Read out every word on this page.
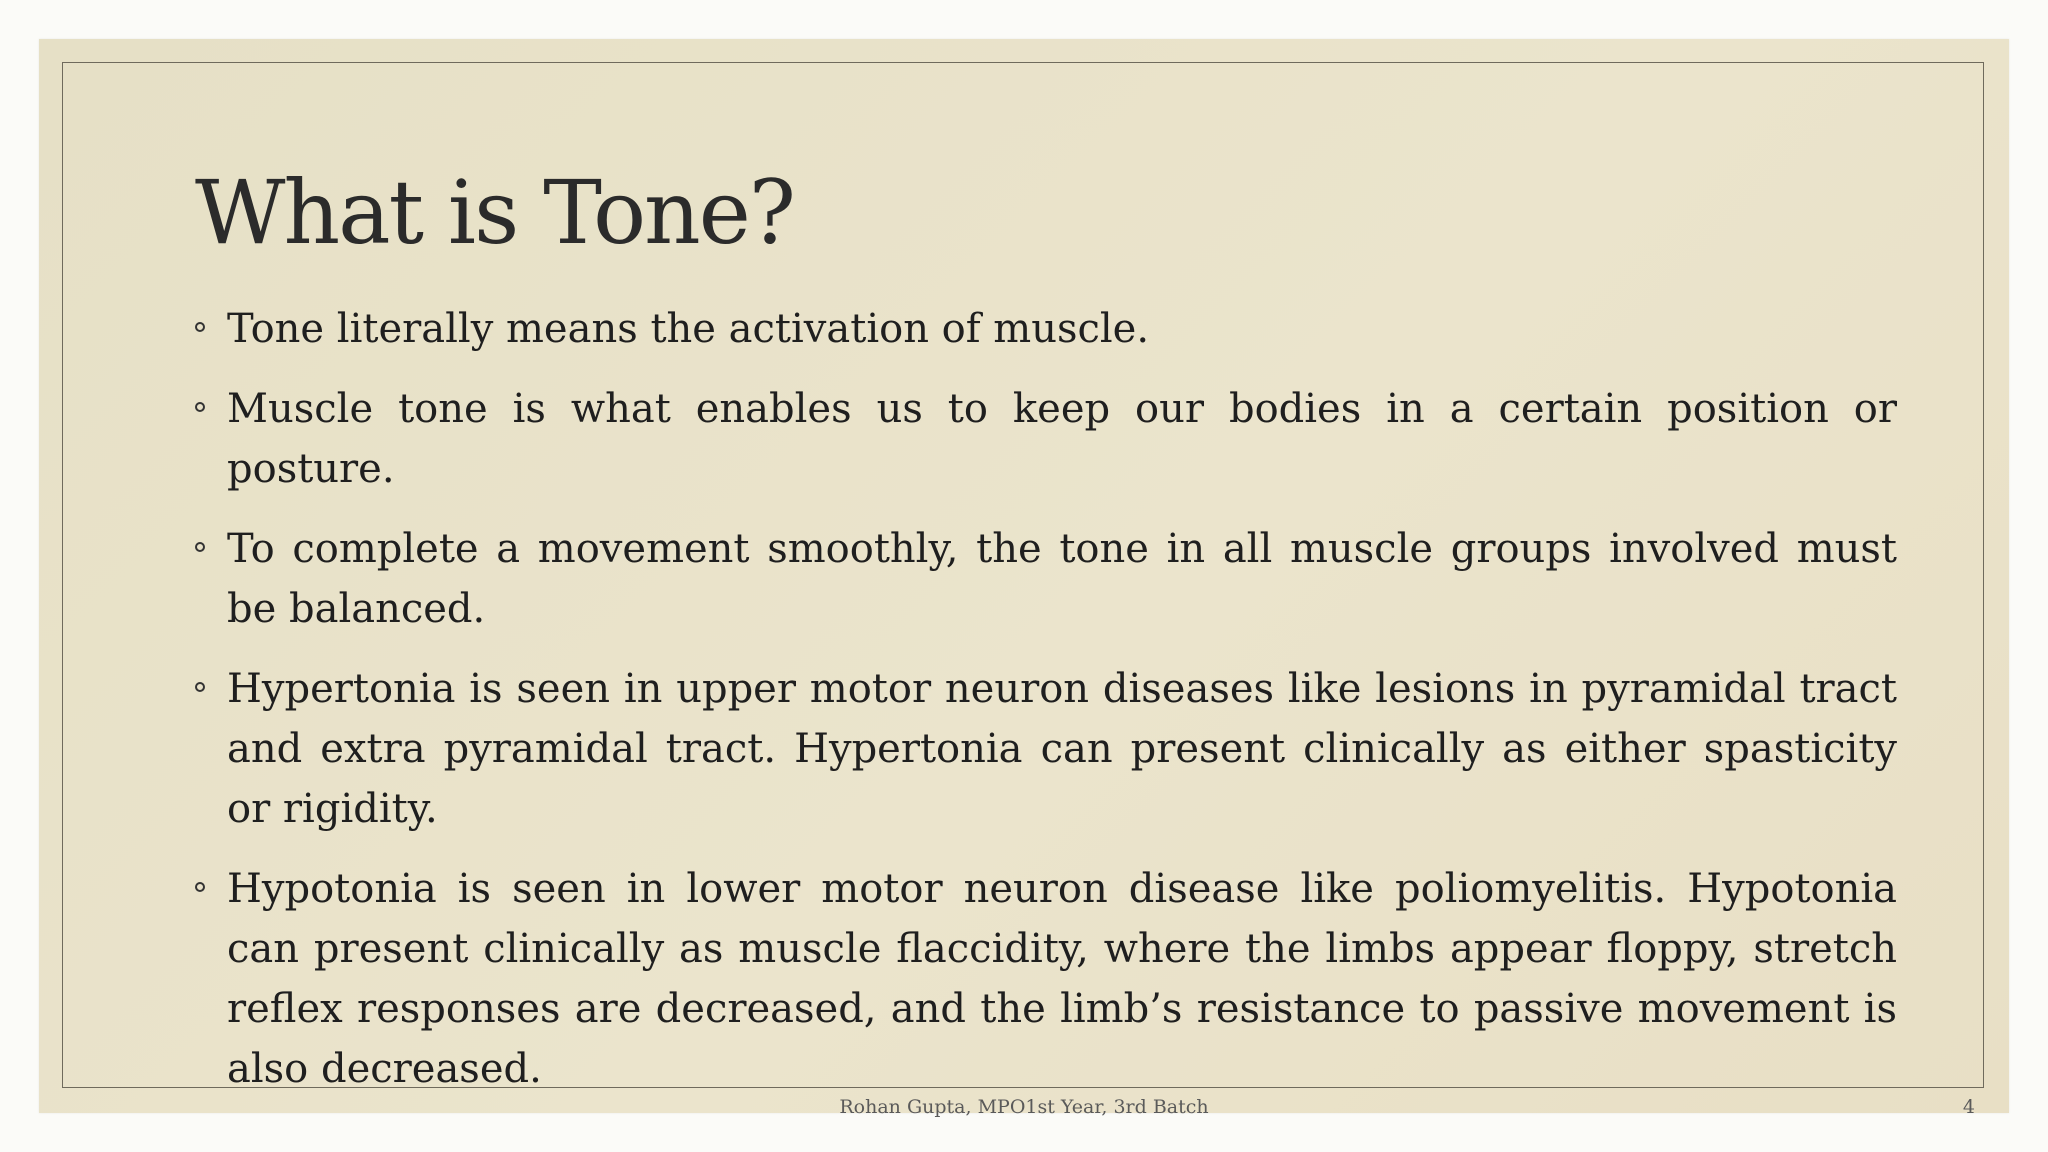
What is Tone?
Tone literally means the activation of muscle.
Muscle tone is what enables us to keep our bodies in a certain position or posture.
To complete a movement smoothly, the tone in all muscle groups involved must be balanced.
Hypertonia is seen in upper motor neuron diseases like lesions in pyramidal tract and extra pyramidal tract. Hypertonia can present clinically as either spasticity or rigidity.
Hypotonia is seen in lower motor neuron disease like poliomyelitis. Hypotonia can present clinically as muscle flaccidity, where the limbs appear floppy, stretch reflex responses are decreased, and the limb’s resistance to passive movement is also decreased.
Rohan Gupta, MPO1st Year, 3rd Batch	4
